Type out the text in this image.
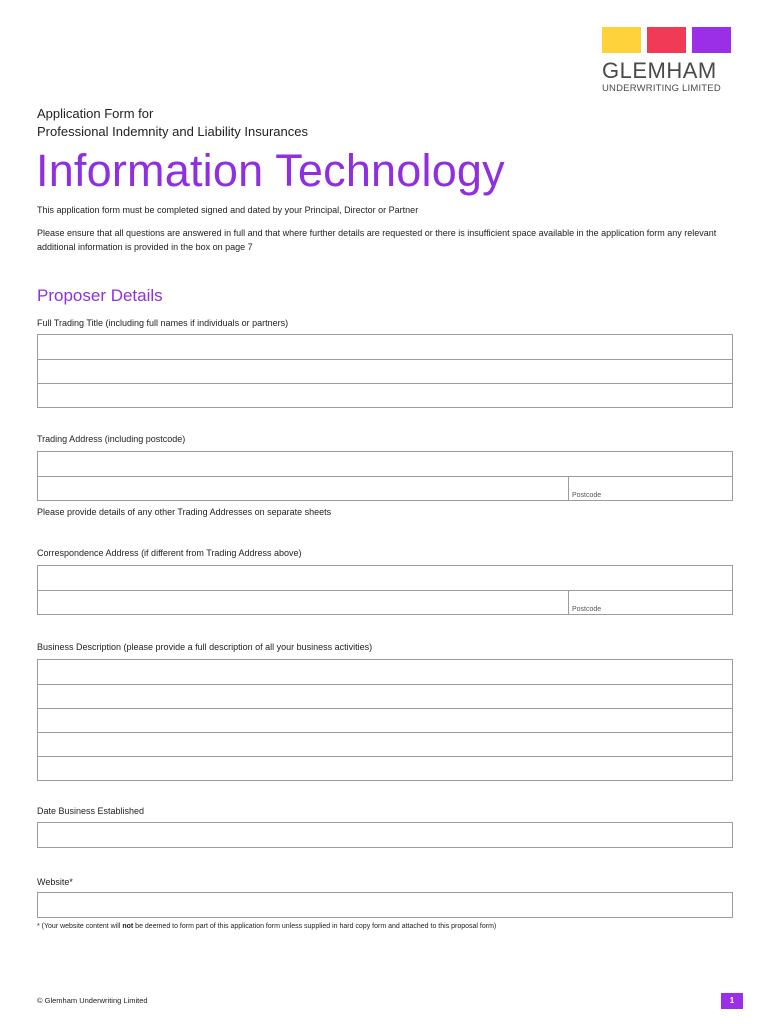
GLEMHAM
UNDERWRITING LIMITED
Application Form for
Professional Indemnity and Liability Insurances
Information Technology
This application form must be completed signed and dated by your Principal, Director or Partner
Please ensure that all questions are answered in full and that where further details are requested or there is insufficient space available in the application form any relevant additional information is provided in the box on page 7
Proposer Details
Full Trading Title (including full names if individuals or partners)
Trading Address (including postcode)
Postcode
Please provide details of any other Trading Addresses on separate sheets
Correspondence Address (if different from Trading Address above)
Postcode
Business Description (please provide a full description of all your business activities)
Date Business Established
Website*
* (Your website content will not be deemed to form part of this application form unless supplied in hard copy form and attached to this proposal form)
© Glemham Underwriting Limited	1
